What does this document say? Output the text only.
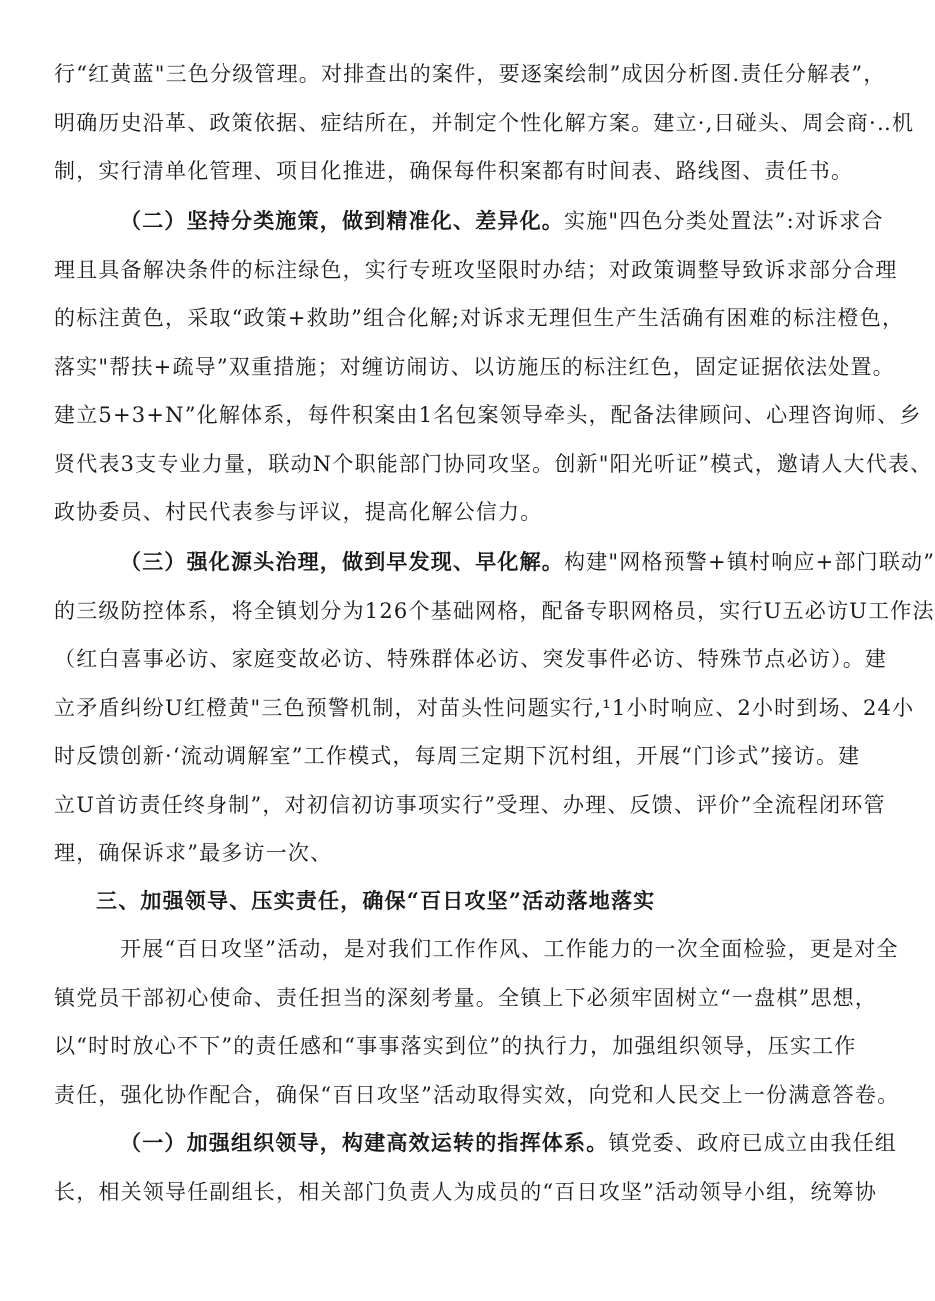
行“红黄蓝"三色分级管理。对排查出的案件，要逐案绘制”成因分析图.责任分解表”，
明确历史沿革、政策依据、症结所在，并制定个性化解方案。建立·,日碰头、周会商·‥机
制，实行清单化管理、项目化推进，确保每件积案都有时间表、路线图、责任书。
（二）坚持分类施策，做到精准化、差异化。实施"四色分类处置法”:对诉求合
理且具备解决条件的标注绿色，实行专班攻坚限时办结；对政策调整导致诉求部分合理
的标注黄色，采取“政策+救助”组合化解;对诉求无理但生产生活确有困难的标注橙色，
落实"帮扶+疏导”双重措施；对缠访闹访、以访施压的标注红色，固定证据依法处置。
建立5+3+N”化解体系，每件积案由1名包案领导牵头，配备法律顾问、心理咨询师、乡
贤代表3支专业力量，联动N个职能部门协同攻坚。创新"阳光听证”模式，邀请人大代表、
政协委员、村民代表参与评议，提高化解公信力。
（三）强化源头治理，做到早发现、早化解。构建"网格预警+镇村响应+部门联动”
的三级防控体系，将全镇划分为126个基础网格，配备专职网格员，实行U五必访U工作法
（红白喜事必访、家庭变故必访、特殊群体必访、突发事件必访、特殊节点必访）。建
立矛盾纠纷U红橙黄"三色预警机制，对苗头性问题实行,¹1小时响应、2小时到场、24小
时反馈创新·‘流动调解室”工作模式，每周三定期下沉村组，开展“门诊式”接访。建
立U首访责任终身制”，对初信初访事项实行”受理、办理、反馈、评价”全流程闭环管
理，确保诉求”最多访一次、
三、加强领导、压实责任，确保“百日攻坚”活动落地落实
开展“百日攻坚”活动，是对我们工作作风、工作能力的一次全面检验，更是对全
镇党员干部初心使命、责任担当的深刻考量。全镇上下必须牢固树立“一盘棋”思想，
以“时时放心不下”的责任感和“事事落实到位”的执行力，加强组织领导，压实工作
责任，强化协作配合，确保“百日攻坚”活动取得实效，向党和人民交上一份满意答卷。
（一）加强组织领导，构建高效运转的指挥体系。镇党委、政府已成立由我任组
长，相关领导任副组长，相关部门负责人为成员的“百日攻坚”活动领导小组，统筹协
